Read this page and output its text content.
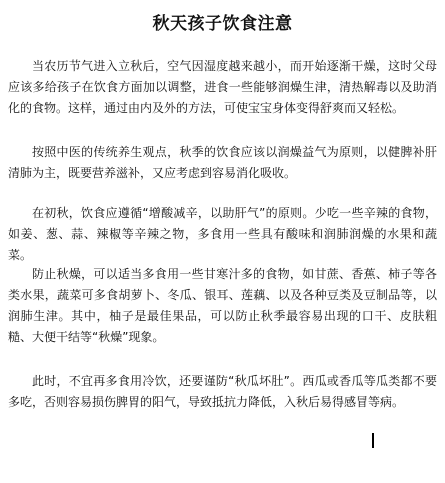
秋天孩子饮食注意

当农历节气进入立秋后，空气因湿度越来越小，而开始逐渐干燥，这时父母应该多给孩子在饮食方面加以调整，进食一些能够润燥生津，清热解毒以及助消化的食物。这样，通过由内及外的方法，可使宝宝身体变得舒爽而又轻松。

按照中医的传统养生观点，秋季的饮食应该以润燥益气为原则，以健脾补肝清肺为主，既要营养滋补，又应考虑到容易消化吸收。

在初秋，饮食应遵循“增酸减辛，以助肝气”的原则。少吃一些辛辣的食物，如姜、葱、蒜、辣椒等辛辣之物，多食用一些具有酸味和润肺润燥的水果和蔬菜。

防止秋燥，可以适当多食用一些甘寒汁多的食物，如甘蔗、香蕉、柿子等各类水果，蔬菜可多食胡萝卜、冬瓜、银耳、莲藕、以及各种豆类及豆制品等，以润肺生津。其中，柚子是最佳果品，可以防止秋季最容易出现的口干、皮肤粗糙、大便干结等“秋燥”现象。

此时，不宜再多食用冷饮，还要谨防“秋瓜坏肚”。西瓜或香瓜等瓜类都不要多吃，否则容易损伤脾胃的阳气，导致抵抗力降低，入秋后易得感冒等病。
